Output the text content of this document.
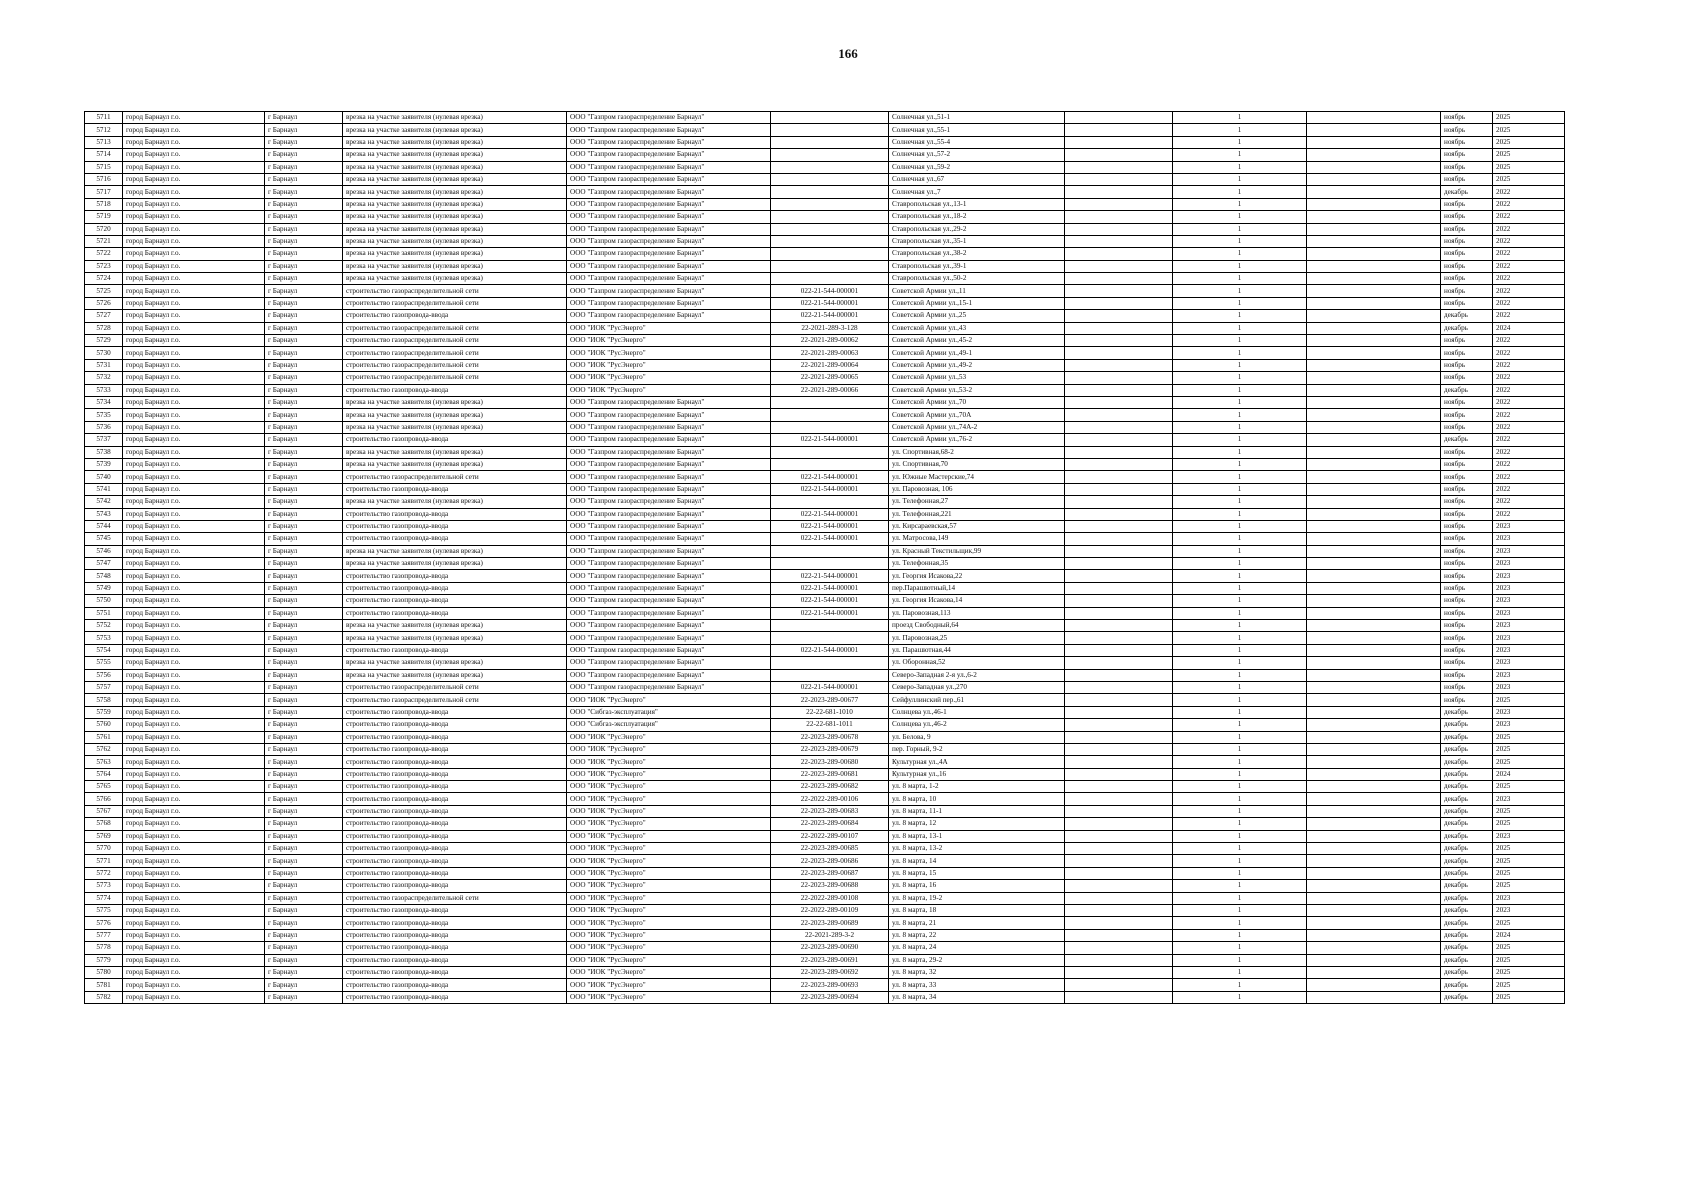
166
5711	город Барнаул г.о.	г Барнаул	врезка на участке заявителя (нулевая врезка)	ООО "Газпром газораспределение Барнаул"		Солнечная ул.,51-1		1		ноябрь	2025
5712	город Барнаул г.о.	г Барнаул	врезка на участке заявителя (нулевая врезка)	ООО "Газпром газораспределение Барнаул"		Солнечная ул.,55-1		1		ноябрь	2025
5713	город Барнаул г.о.	г Барнаул	врезка на участке заявителя (нулевая врезка)	ООО "Газпром газораспределение Барнаул"		Солнечная ул.,55-4		1		ноябрь	2025
5714	город Барнаул г.о.	г Барнаул	врезка на участке заявителя (нулевая врезка)	ООО "Газпром газораспределение Барнаул"		Солнечная ул.,57-2		1		ноябрь	2025
5715	город Барнаул г.о.	г Барнаул	врезка на участке заявителя (нулевая врезка)	ООО "Газпром газораспределение Барнаул"		Солнечная ул.,59-2		1		ноябрь	2025
5716	город Барнаул г.о.	г Барнаул	врезка на участке заявителя (нулевая врезка)	ООО "Газпром газораспределение Барнаул"		Солнечная ул.,67		1		ноябрь	2025
5717	город Барнаул г.о.	г Барнаул	врезка на участке заявителя (нулевая врезка)	ООО "Газпром газораспределение Барнаул"		Солнечная ул.,7		1		декабрь	2022
5718	город Барнаул г.о.	г Барнаул	врезка на участке заявителя (нулевая врезка)	ООО "Газпром газораспределение Барнаул"		Ставропольская ул.,13-1		1		ноябрь	2022
5719	город Барнаул г.о.	г Барнаул	врезка на участке заявителя (нулевая врезка)	ООО "Газпром газораспределение Барнаул"		Ставропольская ул.,18-2		1		ноябрь	2022
5720	город Барнаул г.о.	г Барнаул	врезка на участке заявителя (нулевая врезка)	ООО "Газпром газораспределение Барнаул"		Ставропольская ул.,29-2		1		ноябрь	2022
5721	город Барнаул г.о.	г Барнаул	врезка на участке заявителя (нулевая врезка)	ООО "Газпром газораспределение Барнаул"		Ставропольская ул.,35-1		1		ноябрь	2022
5722	город Барнаул г.о.	г Барнаул	врезка на участке заявителя (нулевая врезка)	ООО "Газпром газораспределение Барнаул"		Ставропольская ул.,38-2		1		ноябрь	2022
5723	город Барнаул г.о.	г Барнаул	врезка на участке заявителя (нулевая врезка)	ООО "Газпром газораспределение Барнаул"		Ставропольская ул.,39-1		1		ноябрь	2022
5724	город Барнаул г.о.	г Барнаул	врезка на участке заявителя (нулевая врезка)	ООО "Газпром газораспределение Барнаул"		Ставропольская ул.,50-2		1		ноябрь	2022
5725	город Барнаул г.о.	г Барнаул	строительство газораспределительной сети	ООО "Газпром газораспределение Барнаул"	022-21-544-000001	Советской Армии ул.,11		1		ноябрь	2022
5726	город Барнаул г.о.	г Барнаул	строительство газораспределительной сети	ООО "Газпром газораспределение Барнаул"	022-21-544-000001	Советской Армии ул.,15-1		1		ноябрь	2022
5727	город Барнаул г.о.	г Барнаул	строительство газопровода-ввода	ООО "Газпром газораспределение Барнаул"	022-21-544-000001	Советской Армии ул.,25		1		декабрь	2022
5728	город Барнаул г.о.	г Барнаул	строительство газораспределительной сети	ООО "ИОК "РусЭнерго"	22-2021-289-3-128	Советской Армии ул.,43		1		декабрь	2024
5729	город Барнаул г.о.	г Барнаул	строительство газораспределительной сети	ООО "ИОК "РусЭнерго"	22-2021-289-00062	Советской Армии ул.,45-2		1		ноябрь	2022
5730	город Барнаул г.о.	г Барнаул	строительство газораспределительной сети	ООО "ИОК "РусЭнерго"	22-2021-289-00063	Советской Армии ул.,49-1		1		ноябрь	2022
5731	город Барнаул г.о.	г Барнаул	строительство газораспределительной сети	ООО "ИОК "РусЭнерго"	22-2021-289-00064	Советской Армии ул.,49-2		1		ноябрь	2022
5732	город Барнаул г.о.	г Барнаул	строительство газораспределительной сети	ООО "ИОК "РусЭнерго"	22-2021-289-00065	Советской Армии ул.,53		1		ноябрь	2022
5733	город Барнаул г.о.	г Барнаул	строительство газопровода-ввода	ООО "ИОК "РусЭнерго"	22-2021-289-00066	Советской Армии ул.,53-2		1		декабрь	2022
5734	город Барнаул г.о.	г Барнаул	врезка на участке заявителя (нулевая врезка)	ООО "Газпром газораспределение Барнаул"		Советской Армии ул.,70		1		ноябрь	2022
5735	город Барнаул г.о.	г Барнаул	врезка на участке заявителя (нулевая врезка)	ООО "Газпром газораспределение Барнаул"		Советской Армии ул.,70А		1		ноябрь	2022
5736	город Барнаул г.о.	г Барнаул	врезка на участке заявителя (нулевая врезка)	ООО "Газпром газораспределение Барнаул"		Советской Армии ул.,74А-2		1		ноябрь	2022
5737	город Барнаул г.о.	г Барнаул	строительство газопровода-ввода	ООО "Газпром газораспределение Барнаул"	022-21-544-000001	Советской Армии ул.,76-2		1		декабрь	2022
5738	город Барнаул г.о.	г Барнаул	врезка на участке заявителя (нулевая врезка)	ООО "Газпром газораспределение Барнаул"		ул. Спортивная,68-2		1		ноябрь	2022
5739	город Барнаул г.о.	г Барнаул	врезка на участке заявителя (нулевая врезка)	ООО "Газпром газораспределение Барнаул"		ул. Спортивная,70		1		ноябрь	2022
5740	город Барнаул г.о.	г Барнаул	строительство газораспределительной сети	ООО "Газпром газораспределение Барнаул"	022-21-544-000001	ул. Южные Мастерские,74		1		ноябрь	2022
5741	город Барнаул г.о.	г Барнаул	строительство газопровода-ввода	ООО "Газпром газораспределение Барнаул"	022-21-544-000001	ул. Паровозная, 106		1		ноябрь	2022
5742	город Барнаул г.о.	г Барнаул	врезка на участке заявителя (нулевая врезка)	ООО "Газпром газораспределение Барнаул"		ул. Телефонная,27		1		ноябрь	2022
5743	город Барнаул г.о.	г Барнаул	строительство газопровода-ввода	ООО "Газпром газораспределение Барнаул"	022-21-544-000001	ул. Телефонная,221		1		ноябрь	2022
5744	город Барнаул г.о.	г Барнаул	строительство газопровода-ввода	ООО "Газпром газораспределение Барнаул"	022-21-544-000001	ул. Кирсараевская,57		1		ноябрь	2023
5745	город Барнаул г.о.	г Барнаул	строительство газопровода-ввода	ООО "Газпром газораспределение Барнаул"	022-21-544-000001	ул. Матросова,149		1		ноябрь	2023
5746	город Барнаул г.о.	г Барнаул	врезка на участке заявителя (нулевая врезка)	ООО "Газпром газораспределение Барнаул"		ул. Красный Текстильщик,99		1		ноябрь	2023
5747	город Барнаул г.о.	г Барнаул	врезка на участке заявителя (нулевая врезка)	ООО "Газпром газораспределение Барнаул"		ул. Телефонная,35		1		ноябрь	2023
5748	город Барнаул г.о.	г Барнаул	строительство газопровода-ввода	ООО "Газпром газораспределение Барнаул"	022-21-544-000001	ул. Георгия Исакова,22		1		ноябрь	2023
5749	город Барнаул г.о.	г Барнаул	строительство газопровода-ввода	ООО "Газпром газораспределение Барнаул"	022-21-544-000001	пер.Парашютный,14		1		ноябрь	2023
5750	город Барнаул г.о.	г Барнаул	строительство газопровода-ввода	ООО "Газпром газораспределение Барнаул"	022-21-544-000001	ул. Георгия Исакова,14		1		ноябрь	2023
5751	город Барнаул г.о.	г Барнаул	строительство газопровода-ввода	ООО "Газпром газораспределение Барнаул"	022-21-544-000001	ул. Паровозная,113		1		ноябрь	2023
5752	город Барнаул г.о.	г Барнаул	врезка на участке заявителя (нулевая врезка)	ООО "Газпром газораспределение Барнаул"		проезд Свободный,64		1		ноябрь	2023
5753	город Барнаул г.о.	г Барнаул	врезка на участке заявителя (нулевая врезка)	ООО "Газпром газораспределение Барнаул"		ул. Паровозная,25		1		ноябрь	2023
5754	город Барнаул г.о.	г Барнаул	строительство газопровода-ввода	ООО "Газпром газораспределение Барнаул"	022-21-544-000001	ул. Парашютная,44		1		ноябрь	2023
5755	город Барнаул г.о.	г Барнаул	врезка на участке заявителя (нулевая врезка)	ООО "Газпром газораспределение Барнаул"		ул. Оборонная,52		1		ноябрь	2023
5756	город Барнаул г.о.	г Барнаул	врезка на участке заявителя (нулевая врезка)	ООО "Газпром газораспределение Барнаул"		Северо-Западная 2-я ул.,6-2		1		ноябрь	2023
5757	город Барнаул г.о.	г Барнаул	строительство газораспределительной сети	ООО "Газпром газораспределение Барнаул"	022-21-544-000001	Северо-Западная ул.,270		1		ноябрь	2023
5758	город Барнаул г.о.	г Барнаул	строительство газораспределительной сети	ООО "ИОК "РусЭнерго"	22-2023-289-00677	Сейфуллинский пер.,61		1		ноябрь	2025
5759	город Барнаул г.о.	г Барнаул	строительство газопровода-ввода	ООО "Сибгаз-эксплуатация"	22-22-681-1010	Солнцева ул.,46-1		1		декабрь	2023
5760	город Барнаул г.о.	г Барнаул	строительство газопровода-ввода	ООО "Сибгаз-эксплуатация"	22-22-681-1011	Солнцева ул.,46-2		1		декабрь	2023
5761	город Барнаул г.о.	г Барнаул	строительство газопровода-ввода	ООО "ИОК "РусЭнерго"	22-2023-289-00678	ул. Белова, 9		1		декабрь	2025
5762	город Барнаул г.о.	г Барнаул	строительство газопровода-ввода	ООО "ИОК "РусЭнерго"	22-2023-289-00679	пер. Горный, 9-2		1		декабрь	2025
5763	город Барнаул г.о.	г Барнаул	строительство газопровода-ввода	ООО "ИОК "РусЭнерго"	22-2023-289-00680	Культурная ул.,4А		1		декабрь	2025
5764	город Барнаул г.о.	г Барнаул	строительство газопровода-ввода	ООО "ИОК "РусЭнерго"	22-2023-289-00681	Культурная ул.,16		1		декабрь	2024
5765	город Барнаул г.о.	г Барнаул	строительство газопровода-ввода	ООО "ИОК "РусЭнерго"	22-2023-289-00682	ул. 8 марта, 1-2		1		декабрь	2025
5766	город Барнаул г.о.	г Барнаул	строительство газопровода-ввода	ООО "ИОК "РусЭнерго"	22-2022-289-00106	ул. 8 марта, 10		1		декабрь	2023
5767	город Барнаул г.о.	г Барнаул	строительство газопровода-ввода	ООО "ИОК "РусЭнерго"	22-2023-289-00683	ул. 8 марта, 11-1		1		декабрь	2025
5768	город Барнаул г.о.	г Барнаул	строительство газопровода-ввода	ООО "ИОК "РусЭнерго"	22-2023-289-00684	ул. 8 марта, 12		1		декабрь	2025
5769	город Барнаул г.о.	г Барнаул	строительство газопровода-ввода	ООО "ИОК "РусЭнерго"	22-2022-289-00107	ул. 8 марта, 13-1		1		декабрь	2023
5770	город Барнаул г.о.	г Барнаул	строительство газопровода-ввода	ООО "ИОК "РусЭнерго"	22-2023-289-00685	ул. 8 марта, 13-2		1		декабрь	2025
5771	город Барнаул г.о.	г Барнаул	строительство газопровода-ввода	ООО "ИОК "РусЭнерго"	22-2023-289-00686	ул. 8 марта, 14		1		декабрь	2025
5772	город Барнаул г.о.	г Барнаул	строительство газопровода-ввода	ООО "ИОК "РусЭнерго"	22-2023-289-00687	ул. 8 марта, 15		1		декабрь	2025
5773	город Барнаул г.о.	г Барнаул	строительство газопровода-ввода	ООО "ИОК "РусЭнерго"	22-2023-289-00688	ул. 8 марта, 16		1		декабрь	2025
5774	город Барнаул г.о.	г Барнаул	строительство газораспределительной сети	ООО "ИОК "РусЭнерго"	22-2022-289-00108	ул. 8 марта, 19-2		1		декабрь	2023
5775	город Барнаул г.о.	г Барнаул	строительство газопровода-ввода	ООО "ИОК "РусЭнерго"	22-2022-289-00109	ул. 8 марта, 18		1		декабрь	2023
5776	город Барнаул г.о.	г Барнаул	строительство газопровода-ввода	ООО "ИОК "РусЭнерго"	22-2023-289-00689	ул. 8 марта, 21		1		декабрь	2025
5777	город Барнаул г.о.	г Барнаул	строительство газопровода-ввода	ООО "ИОК "РусЭнерго"	22-2021-289-3-2	ул. 8 марта, 22		1		декабрь	2024
5778	город Барнаул г.о.	г Барнаул	строительство газопровода-ввода	ООО "ИОК "РусЭнерго"	22-2023-289-00690	ул. 8 марта, 24		1		декабрь	2025
5779	город Барнаул г.о.	г Барнаул	строительство газопровода-ввода	ООО "ИОК "РусЭнерго"	22-2023-289-00691	ул. 8 марта, 29-2		1		декабрь	2025
5780	город Барнаул г.о.	г Барнаул	строительство газопровода-ввода	ООО "ИОК "РусЭнерго"	22-2023-289-00692	ул. 8 марта, 32		1		декабрь	2025
5781	город Барнаул г.о.	г Барнаул	строительство газопровода-ввода	ООО "ИОК "РусЭнерго"	22-2023-289-00693	ул. 8 марта, 33		1		декабрь	2025
5782	город Барнаул г.о.	г Барнаул	строительство газопровода-ввода	ООО "ИОК "РусЭнерго"	22-2023-289-00694	ул. 8 марта, 34		1		декабрь	2025
